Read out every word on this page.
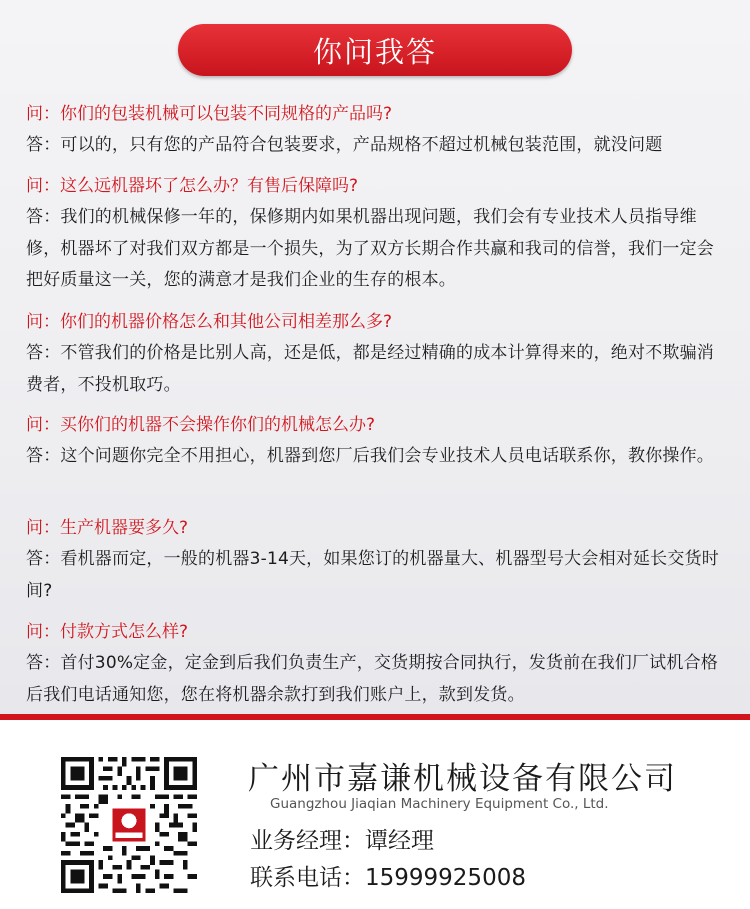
你问我答
问：你们的包装机械可以包装不同规格的产品吗?
答：可以的，只有您的产品符合包装要求，产品规格不超过机械包装范围，就没问题
问：这么远机器坏了怎么办？有售后保障吗?
答：我们的机械保修一年的，保修期内如果机器出现问题，我们会有专业技术人员指导维修，机器坏了对我们双方都是一个损失，为了双方长期合作共赢和我司的信誉，我们一定会把好质量这一关，您的满意才是我们企业的生存的根本。
问：你们的机器价格怎么和其他公司相差那么多?
答：不管我们的价格是比别人高，还是低，都是经过精确的成本计算得来的，绝对不欺骗消费者，不投机取巧。
问：买你们的机器不会操作你们的机械怎么办?
答：这个问题你完全不用担心，机器到您厂后我们会专业技术人员电话联系你，教你操作。
问：生产机器要多久?
答：看机器而定，一般的机器3-14天，如果您订的机器量大、机器型号大会相对延长交货时间?
问：付款方式怎么样?
答：首付30%定金，定金到后我们负责生产，交货期按合同执行，发货前在我们厂试机合格后我们电话通知您，您在将机器余款打到我们账户上，款到发货。
广州市嘉谦机械设备有限公司
Guangzhou Jiaqian Machinery Equipment Co., Ltd.
业务经理：谭经理
联系电话：15999925008
